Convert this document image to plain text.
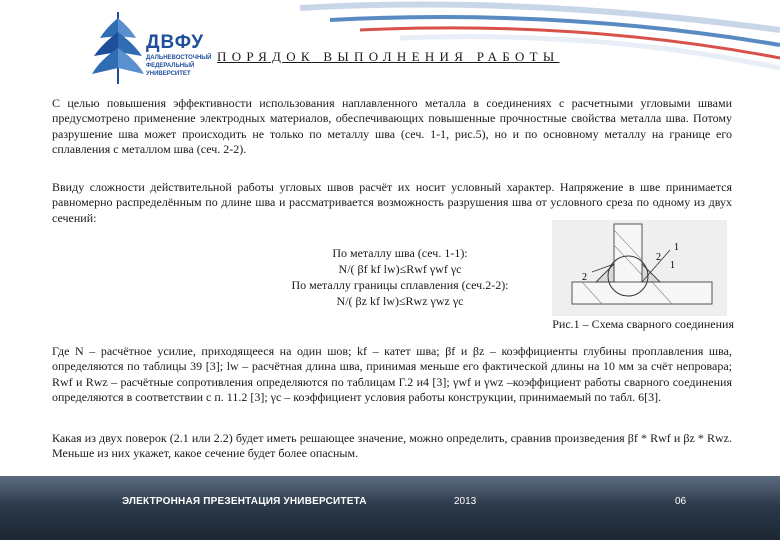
ДВФУ
ДАЛЬНЕВОСТОЧНЫЙ ФЕДЕРАЛЬНЫЙ УНИВЕРСИТЕТ
ПОРЯДОК ВЫПОЛНЕНИЯ РАБОТЫ

С целью повышения эффективности использования наплавленного металла в соединениях с расчетными угловыми швами предусмотрено применение электродных материалов, обеспечивающих повышенные прочностные свойства металла шва. Потому разрушение шва может происходить не только по металлу шва (сеч. 1-1, рис.5), но и по основному металлу на границе его сплавления с металлом шва (сеч. 2-2).

Ввиду сложности действительной работы угловых швов расчёт их носит условный характер. Напряжение в шве принимается равномерно распределённым по длине шва и рассматривается возможность разрушения шва от условного среза по одному из двух сечений:

По металлу шва (сеч. 1-1):
N/( βf kf lw)≤Rwf γwf γc
По металлу границы сплавления (сеч.2-2):
N/( βz kf lw)≤Rwz γwz γc
1
1
2
2
Рис.1 – Схема сварного соединения

Где N – расчётное усилие, приходящееся на один шов; kf – катет шва; βf и βz – коэффициенты глубины проплавления шва, определяются по таблицы 39 [3]; lw – расчётная длина шва, принимая меньше его фактической длины на 10 мм за счёт непровара; Rwf и Rwz – расчётные сопротивления определяются по таблицам Г.2 и4 [3]; γwf и γwz –коэффициент работы сварного соединения определяются в соответствии с п. 11.2 [3]; γc – коэффициент условия работы конструкции, принимаемый по табл. 6[3].

Какая из двух поверок (2.1 или 2.2) будет иметь решающее значение, можно определить, сравнив произведения βf * Rwf и βz * Rwz. Меньше из них укажет, какое сечение будет более опасным.

ЭЛЕКТРОННАЯ ПРЕЗЕНТАЦИЯ УНИВЕРСИТЕТА	2013	06
